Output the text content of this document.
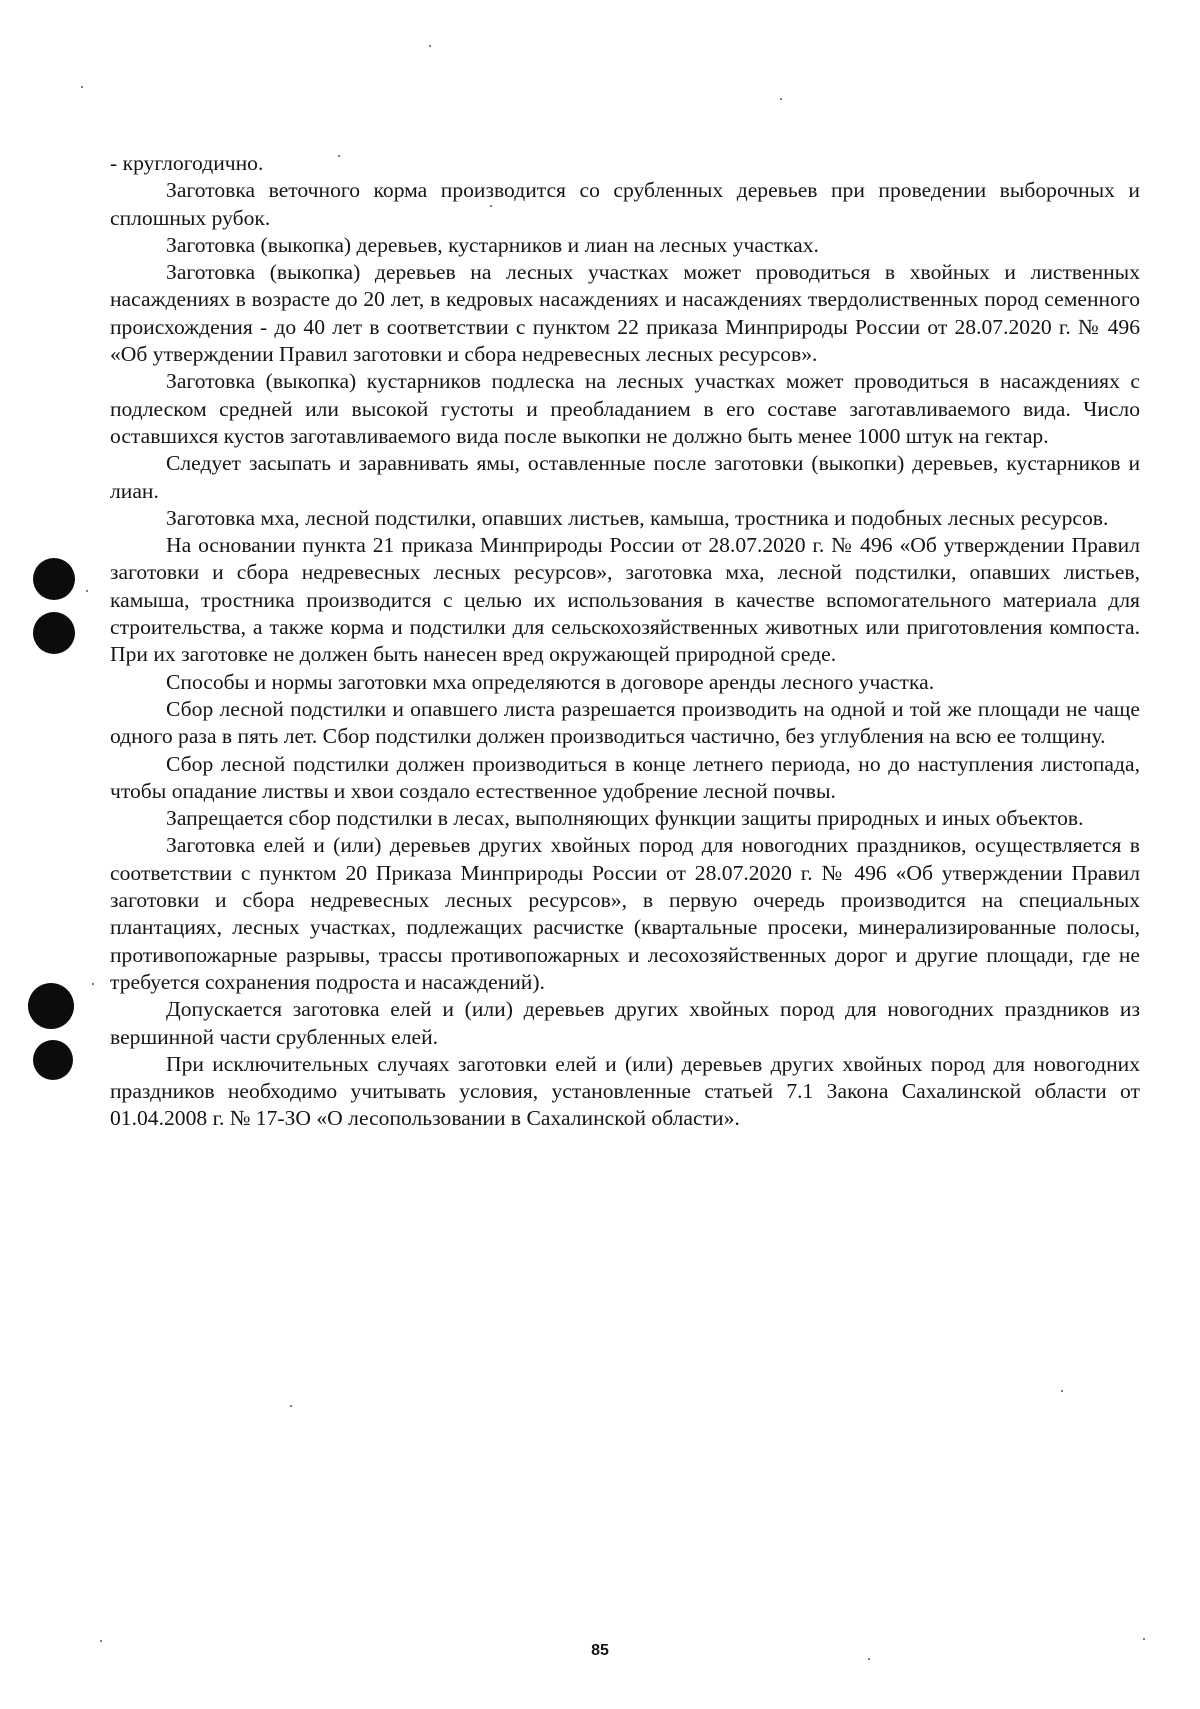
- круглогодично.

Заготовка веточного корма производится со срубленных деревьев при проведении выборочных и сплошных рубок.

Заготовка (выкопка) деревьев, кустарников и лиан на лесных участках.

Заготовка (выкопка) деревьев на лесных участках может проводиться в хвойных и лиственных насаждениях в возрасте до 20 лет, в кедровых насаждениях и насаждениях твердолиственных пород семенного происхождения - до 40 лет в соответствии с пунктом 22 приказа Минприроды России от 28.07.2020 г. № 496 «Об утверждении Правил заготовки и сбора недревесных лесных ресурсов».

Заготовка (выкопка) кустарников подлеска на лесных участках может проводиться в насаждениях с подлеском средней или высокой густоты и преобладанием в его составе заготавливаемого вида. Число оставшихся кустов заготавливаемого вида после выкопки не должно быть менее 1000 штук на гектар.

Следует засыпать и заравнивать ямы, оставленные после заготовки (выкопки) деревьев, кустарников и лиан.

Заготовка мха, лесной подстилки, опавших листьев, камыша, тростника и подобных лесных ресурсов.

На основании пункта 21 приказа Минприроды России от 28.07.2020 г. № 496 «Об утверждении Правил заготовки и сбора недревесных лесных ресурсов», заготовка мха, лесной подстилки, опавших листьев, камыша, тростника производится с целью их использования в качестве вспомогательного материала для строительства, а также корма и подстилки для сельскохозяйственных животных или приготовления компоста. При их заготовке не должен быть нанесен вред окружающей природной среде.

Способы и нормы заготовки мха определяются в договоре аренды лесного участка.

Сбор лесной подстилки и опавшего листа разрешается производить на одной и той же площади не чаще одного раза в пять лет. Сбор подстилки должен производиться частично, без углубления на всю ее толщину.

Сбор лесной подстилки должен производиться в конце летнего периода, но до наступления листопада, чтобы опадание листвы и хвои создало естественное удобрение лесной почвы.

Запрещается сбор подстилки в лесах, выполняющих функции защиты природных и иных объектов.

Заготовка елей и (или) деревьев других хвойных пород для новогодних праздников, осуществляется в соответствии с пунктом 20 Приказа Минприроды России от 28.07.2020 г. № 496 «Об утверждении Правил заготовки и сбора недревесных лесных ресурсов», в первую очередь производится на специальных плантациях, лесных участках, подлежащих расчистке (квартальные просеки, минерализированные полосы, противопожарные разрывы, трассы противопожарных и лесохозяйственных дорог и другие площади, где не требуется сохранения подроста и насаждений).

Допускается заготовка елей и (или) деревьев других хвойных пород для новогодних праздников из вершинной части срубленных елей.

При исключительных случаях заготовки елей и (или) деревьев других хвойных пород для новогодних праздников необходимо учитывать условия, установленные статьей 7.1 Закона Сахалинской области от 01.04.2008 г. № 17-ЗО «О лесопользовании в Сахалинской области».

85
